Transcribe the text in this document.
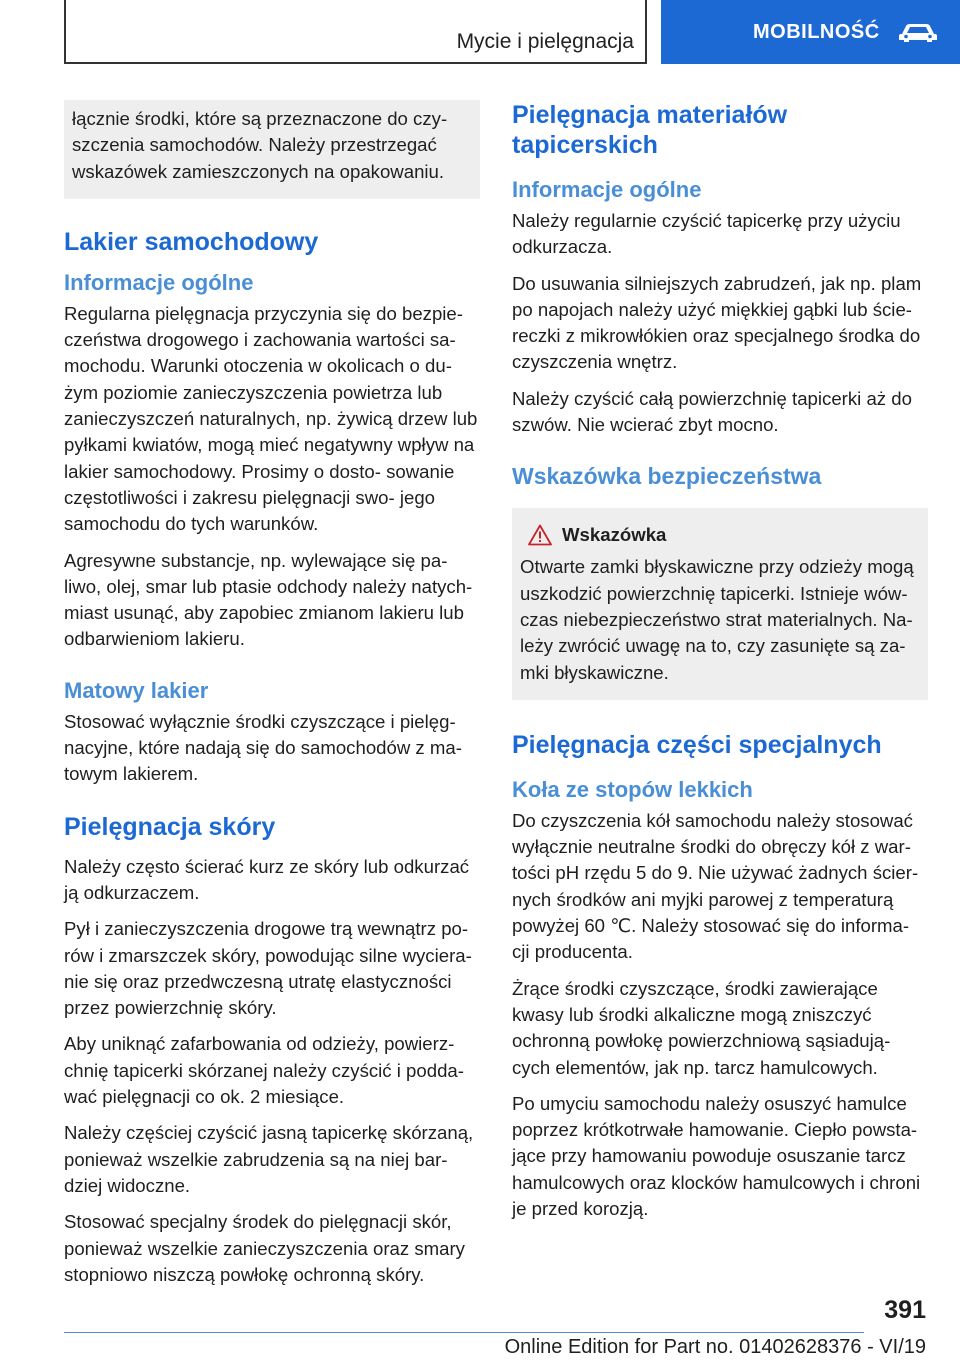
Mycie i pielęgnacja	MOBILNOŚĆ

łącznie środki, które są przeznaczone do czy- szczenia samochodów. Należy przestrzegać wskazówek zamieszczonych na opakowaniu.

Lakier samochodowy
Informacje ogólne

Regularna pielęgnacja przyczynia się do bezpie- czeństwa drogowego i zachowania wartości sa- mochodu. Warunki otoczenia w okolicach o du- żym poziomie zanieczyszczenia powietrza lub zanieczyszczeń naturalnych, np. żywicą drzew lub pyłkami kwiatów, mogą mieć negatywny wpływ na lakier samochodowy. Prosimy o dosto- sowanie częstotliwości i zakresu pielęgnacji swo- jego samochodu do tych warunków.

Agresywne substancje, np. wylewające się pa- liwo, olej, smar lub ptasie odchody należy natych- miast usunąć, aby zapobiec zmianom lakieru lub odbarwieniom lakieru.

Matowy lakier

Stosować wyłącznie środki czyszczące i pielęg- nacyjne, które nadają się do samochodów z ma- towym lakierem.

Pielęgnacja skóry

Należy często ścierać kurz ze skóry lub odkurzać ją odkurzaczem.

Pył i zanieczyszczenia drogowe trą wewnątrz po- rów i zmarszczek skóry, powodując silne wyciera- nie się oraz przedwczesną utratę elastyczności przez powierzchnię skóry.

Aby uniknąć zafarbowania od odzieży, powierz- chnię tapicerki skórzanej należy czyścić i podda- wać pielęgnacji co ok. 2 miesiące.

Należy częściej czyścić jasną tapicerkę skórzaną, ponieważ wszelkie zabrudzenia są na niej bar- dziej widoczne.

Stosować specjalny środek do pielęgnacji skór, ponieważ wszelkie zanieczyszczenia oraz smary stopniowo niszczą powłokę ochronną skóry.

Pielęgnacja materiałów tapicerskich
Informacje ogólne

Należy regularnie czyścić tapicerkę przy użyciu odkurzacza.

Do usuwania silniejszych zabrudzeń, jak np. plam po napojach należy użyć miękkiej gąbki lub ście- reczki z mikrowłókien oraz specjalnego środka do czyszczenia wnętrz.

Należy czyścić całą powierzchnię tapicerki aż do szwów. Nie wcierać zbyt mocno.

Wskazówka bezpieczeństwa
Wskazówka

Otwarte zamki błyskawiczne przy odzieży mogą uszkodzić powierzchnię tapicerki. Istnieje wów- czas niebezpieczeństwo strat materialnych. Na- leży zwrócić uwagę na to, czy zasunięte są za- mki błyskawiczne.

Pielęgnacja części specjalnych
Koła ze stopów lekkich

Do czyszczenia kół samochodu należy stosować wyłącznie neutralne środki do obręczy kół z war- tości pH rzędu 5 do 9. Nie używać żadnych ścier- nych środków ani myjki parowej z temperaturą powyżej 60 ℃. Należy stosować się do informa- cji producenta.

Żrące środki czyszczące, środki zawierające kwasy lub środki alkaliczne mogą zniszczyć ochronną powłokę powierzchniową sąsiadują- cych elementów, jak np. tarcz hamulcowych.

Po umyciu samochodu należy osuszyć hamulce poprzez krótkotrwałe hamowanie. Ciepło powsta- jące przy hamowaniu powoduje osuszanie tarcz hamulcowych oraz klocków hamulcowych i chroni je przed korozją.

391
Online Edition for Part no. 01402628376 - VI/19
